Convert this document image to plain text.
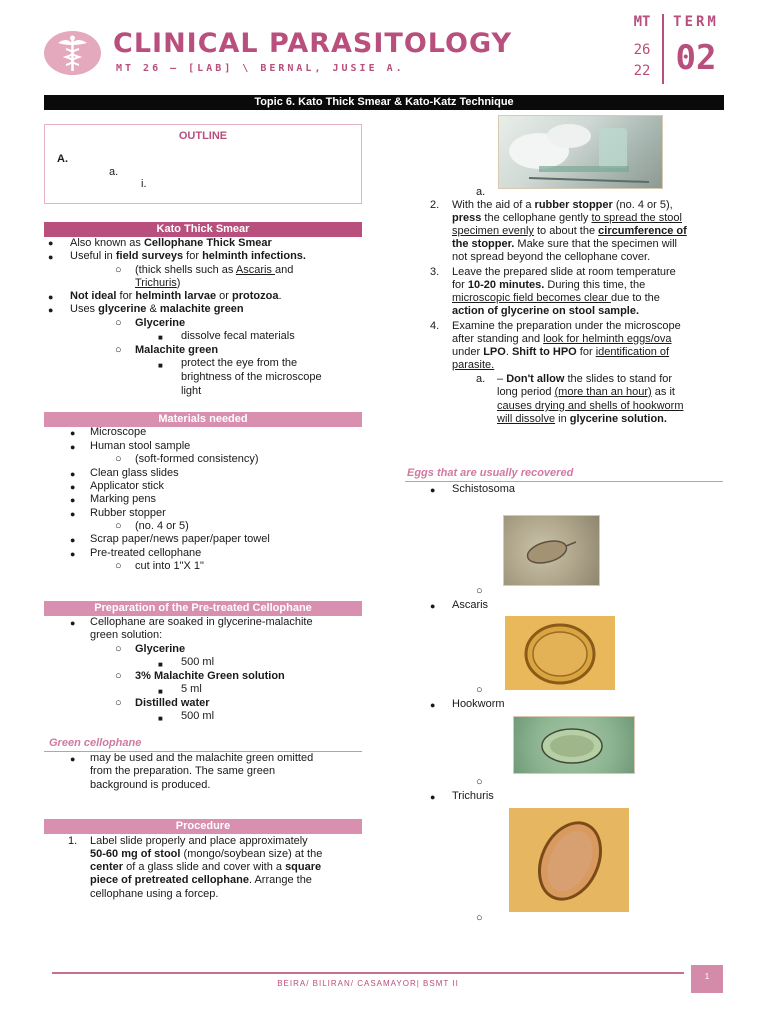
CLINICAL PARASITOLOGY
MT 26 – [LAB] \ BERNAL, JUSIE A.
MT
26
22
TERM
02
Topic 6. Kato Thick Smear & Kato-Katz Technique
OUTLINE
A.
a.
i.
Kato Thick Smear
● Also known as Cellophane Thick Smear
● Useful in field surveys for helminth infections.
○ (thick shells such as Ascaris and
Trichuris)
● Not ideal for helminth larvae or protozoa.
● Uses glycerine & malachite green
○ Glycerine
■ dissolve fecal materials
○ Malachite green
■ protect the eye from the
brightness of the microscope
light
Materials needed
● Microscope
● Human stool sample
○ (soft-formed consistency)
● Clean glass slides
● Applicator stick
● Marking pens
● Rubber stopper
○ (no. 4 or 5)
● Scrap paper/news paper/paper towel
● Pre-treated cellophane
○ cut into 1"X 1"
Preparation of the Pre-treated Cellophane
● Cellophane are soaked in glycerine-malachite
green solution:
○ Glycerine
■ 500 ml
○ 3% Malachite Green solution
■ 5 ml
○ Distilled water
■ 500 ml
Green cellophane
● may be used and the malachite green omitted
from the preparation. The same green
background is produced.
Procedure
1. Label slide properly and place approximately
50-60 mg of stool (mongo/soybean size) at the
center of a glass slide and cover with a square
piece of pretreated cellophane. Arrange the
cellophane using a forcep.
a.
2. With the aid of a rubber stopper (no. 4 or 5),
press the cellophane gently to spread the stool
specimen evenly to about the circumference of
the stopper. Make sure that the specimen will
not spread beyond the cellophane cover.
3. Leave the prepared slide at room temperature
for 10-20 minutes. During this time, the
microscopic field becomes clear due to the
action of glycerine on stool sample.
4. Examine the preparation under the microscope
after standing and look for helminth eggs/ova
under LPO. Shift to HPO for identification of
parasite.
a. – Don't allow the slides to stand for
long period (more than an hour) as it
causes drying and shells of hookworm
will dissolve in glycerine solution.
Eggs that are usually recovered
● Schistosoma
○
● Ascaris
○
● Hookworm
○
● Trichuris
○
BEIRA/ BILIRAN/ CASAMAYOR| BSMT II
1
